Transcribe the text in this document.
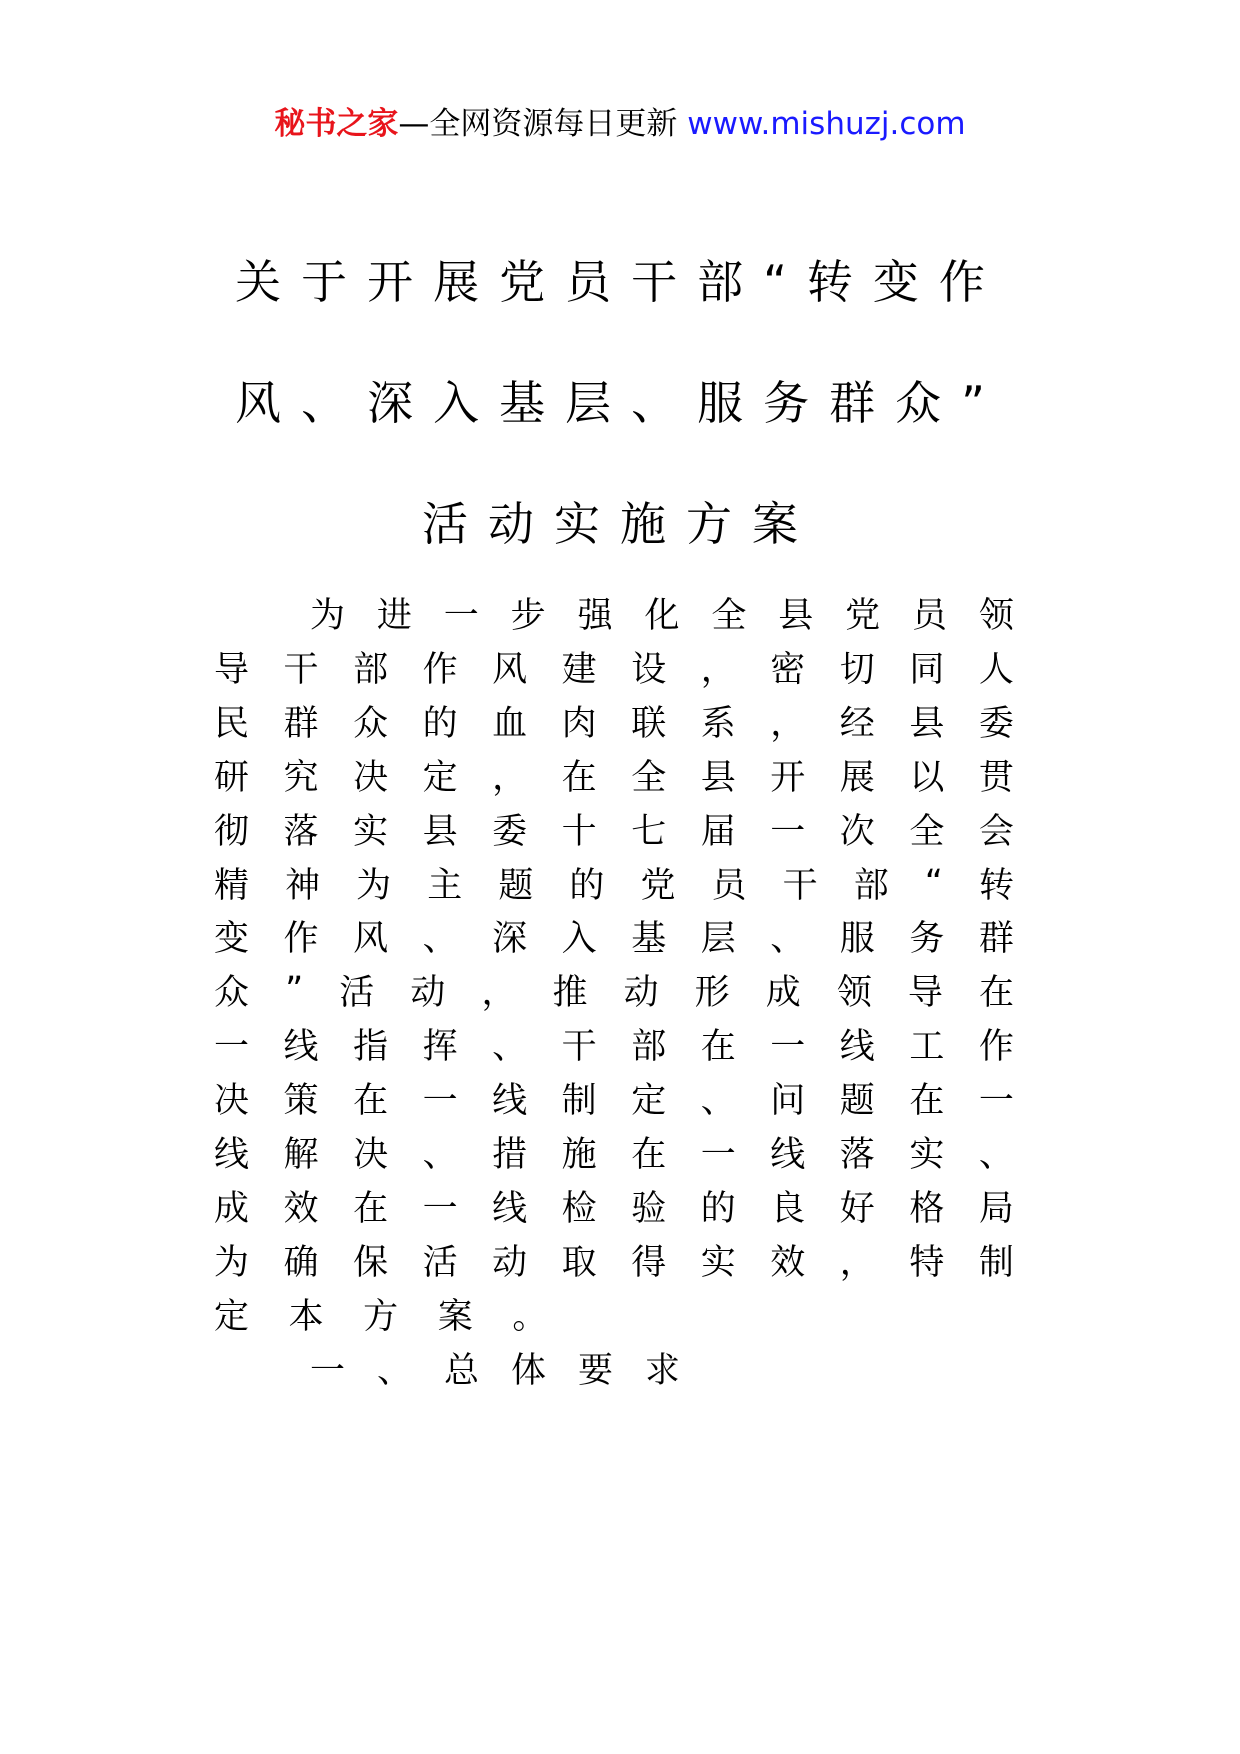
秘书之家—全网资源每日更新 www.mishuzj.com
关于开展党员干部“转变作
风、深入基层、服务群众”
活动实施方案
为 进 一 步 强 化 全 县 党 员 领
导 干 部 作 风 建 设 ， 密 切 同 人
民 群 众 的 血 肉 联 系 ， 经 县 委
研 究 决 定 ， 在 全 县 开 展 以 贯
彻 落 实 县 委 十 七 届 一 次 全 会
精 神 为 主 题 的 党 员 干 部 “ 转
变 作 风 、 深 入 基 层 、 服 务 群
众 ” 活 动 ， 推 动 形 成 领 导 在
一 线 指 挥 、 干 部 在 一 线 工 作
决 策 在 一 线 制 定 、 问 题 在 一
线 解 决 、 措 施 在 一 线 落 实 、
成 效 在 一 线 检 验 的 良 好 格 局
为 确 保 活 动 取 得 实 效 ， 特 制
定 本 方 案 。
一 、 总 体 要 求
